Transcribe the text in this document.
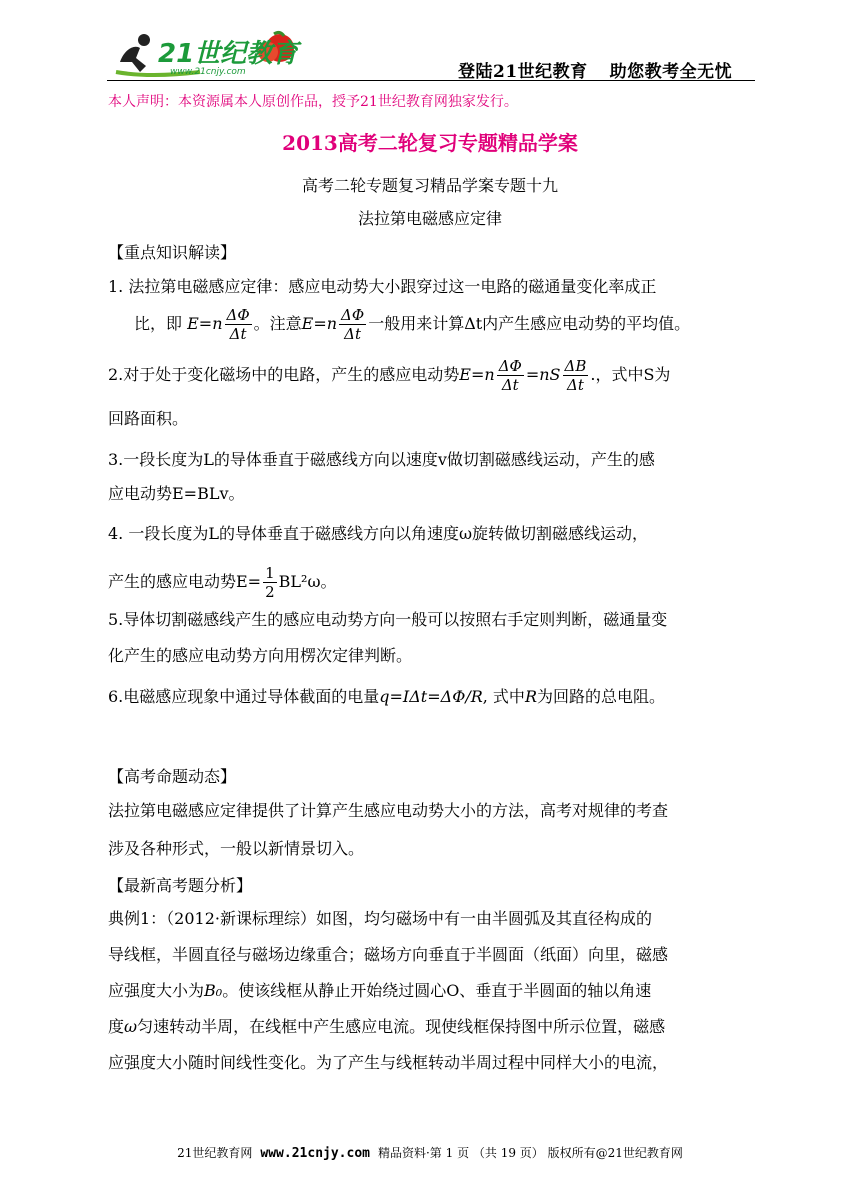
21世纪教育
www.21cnjy.com	登陆21世纪教育 助您教考全无忧
本人声明：本资源属本人原创作品，授予21世纪教育网独家发行。
2013高考二轮复习专题精品学案
高考二轮专题复习精品学案专题十九
法拉第电磁感应定律
【重点知识解读】
1. 法拉第电磁感应定律：感应电动势大小跟穿过这一电路的磁通量变化率成正
比，即 $E=n \frac{\Delta\Phi}{\Delta t}$ 。注意$E=n \frac{\Delta\Phi}{\Delta t}$ 一般用来计算Δt内产生感应电动势的平均值。
2.对于处于变化磁场中的电路，产生的感应电动势$E=n \frac{\Delta\Phi}{\Delta t} =nS \frac{\Delta B}{\Delta t}$ .，式中S为
回路面积。
3.一段长度为L的导体垂直于磁感线方向以速度v做切割磁感线运动，产生的感
应电动势E=BLv。
4. 一段长度为L的导体垂直于磁感线方向以角速度ω旋转做切割磁感线运动，
产生的感应电动势$E= \frac{1}{2} BL^2\omega$。
5.导体切割磁感线产生的感应电动势方向一般可以按照右手定则判断，磁通量变
化产生的感应电动势方向用楞次定律判断。
6.电磁感应现象中通过导体截面的电量q=IΔt=ΔΦ/R, 式中R为回路的总电阻。
【高考命题动态】
法拉第电磁感应定律提供了计算产生感应电动势大小的方法，高考对规律的考查
涉及各种形式，一般以新情景切入。
【最新高考题分析】
典例1：（2012·新课标理综）如图，均匀磁场中有一由半圆弧及其直径构成的
导线框，半圆直径与磁场边缘重合；磁场方向垂直于半圆面（纸面）向里，磁感
应强度大小为B₀。使该线框从静止开始绕过圆心O、垂直于半圆面的轴以角速
度ω匀速转动半周，在线框中产生感应电流。现使线框保持图中所示位置，磁感
应强度大小随时间线性变化。为了产生与线框转动半周过程中同样大小的电流，
21世纪教育网 www.21cnjy.com 精品资料·第 1 页 （共 19 页） 版权所有@21世纪教育网
